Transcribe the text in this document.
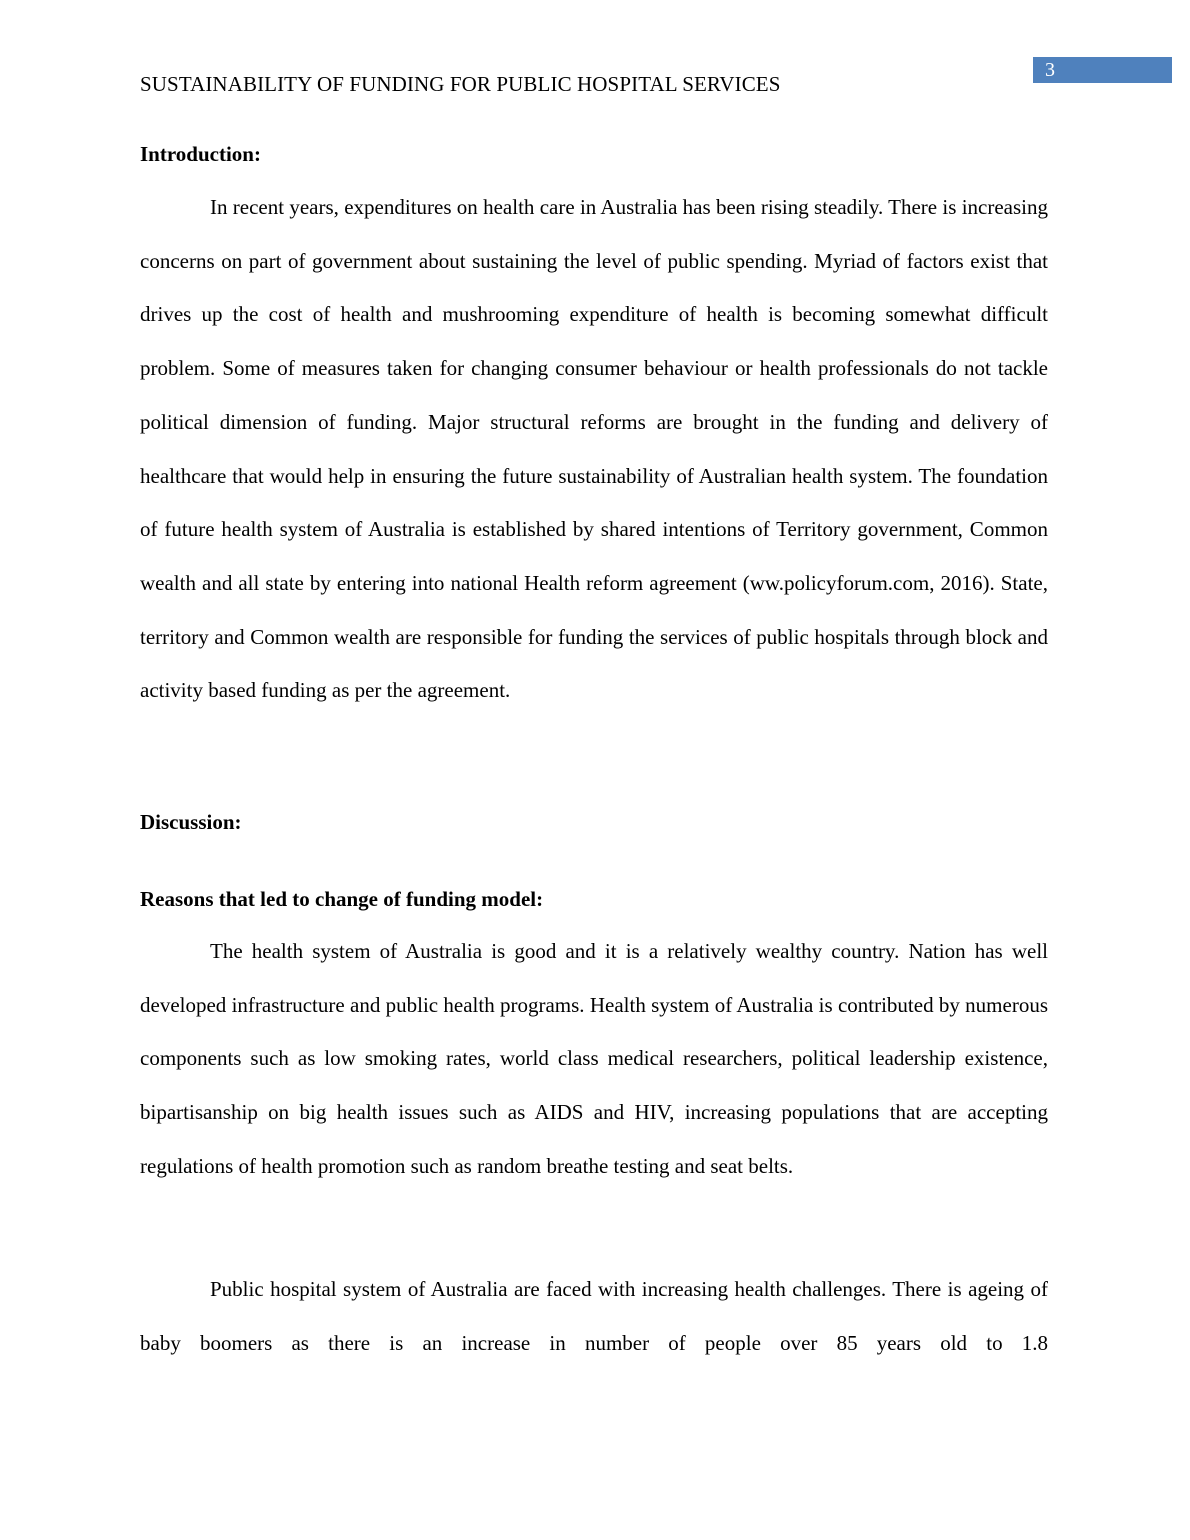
3
SUSTAINABILITY OF FUNDING FOR PUBLIC HOSPITAL SERVICES
Introduction:

In recent years, expenditures on health care in Australia has been rising steadily. There is increasing concerns on part of government about sustaining the level of public spending. Myriad of factors exist that drives up the cost of health and mushrooming expenditure of health is becoming somewhat difficult problem. Some of measures taken for changing consumer behaviour or health professionals do not tackle political dimension of funding. Major structural reforms are brought in the funding and delivery of healthcare that would help in ensuring the future sustainability of Australian health system. The foundation of future health system of Australia is established by shared intentions of Territory government, Common wealth and all state by entering into national Health reform agreement (ww.policyforum.com, 2016). State, territory and Common wealth are responsible for funding the services of public hospitals through block and activity based funding as per the agreement.

Discussion:
Reasons that led to change of funding model:

The health system of Australia is good and it is a relatively wealthy country. Nation has well developed infrastructure and public health programs. Health system of Australia is contributed by numerous components such as low smoking rates, world class medical researchers, political leadership existence, bipartisanship on big health issues such as AIDS and HIV, increasing populations that are accepting regulations of health promotion such as random breathe testing and seat belts.

Public hospital system of Australia are faced with increasing health challenges. There is ageing of baby boomers as there is an increase in number of people over 85 years old to 1.8
